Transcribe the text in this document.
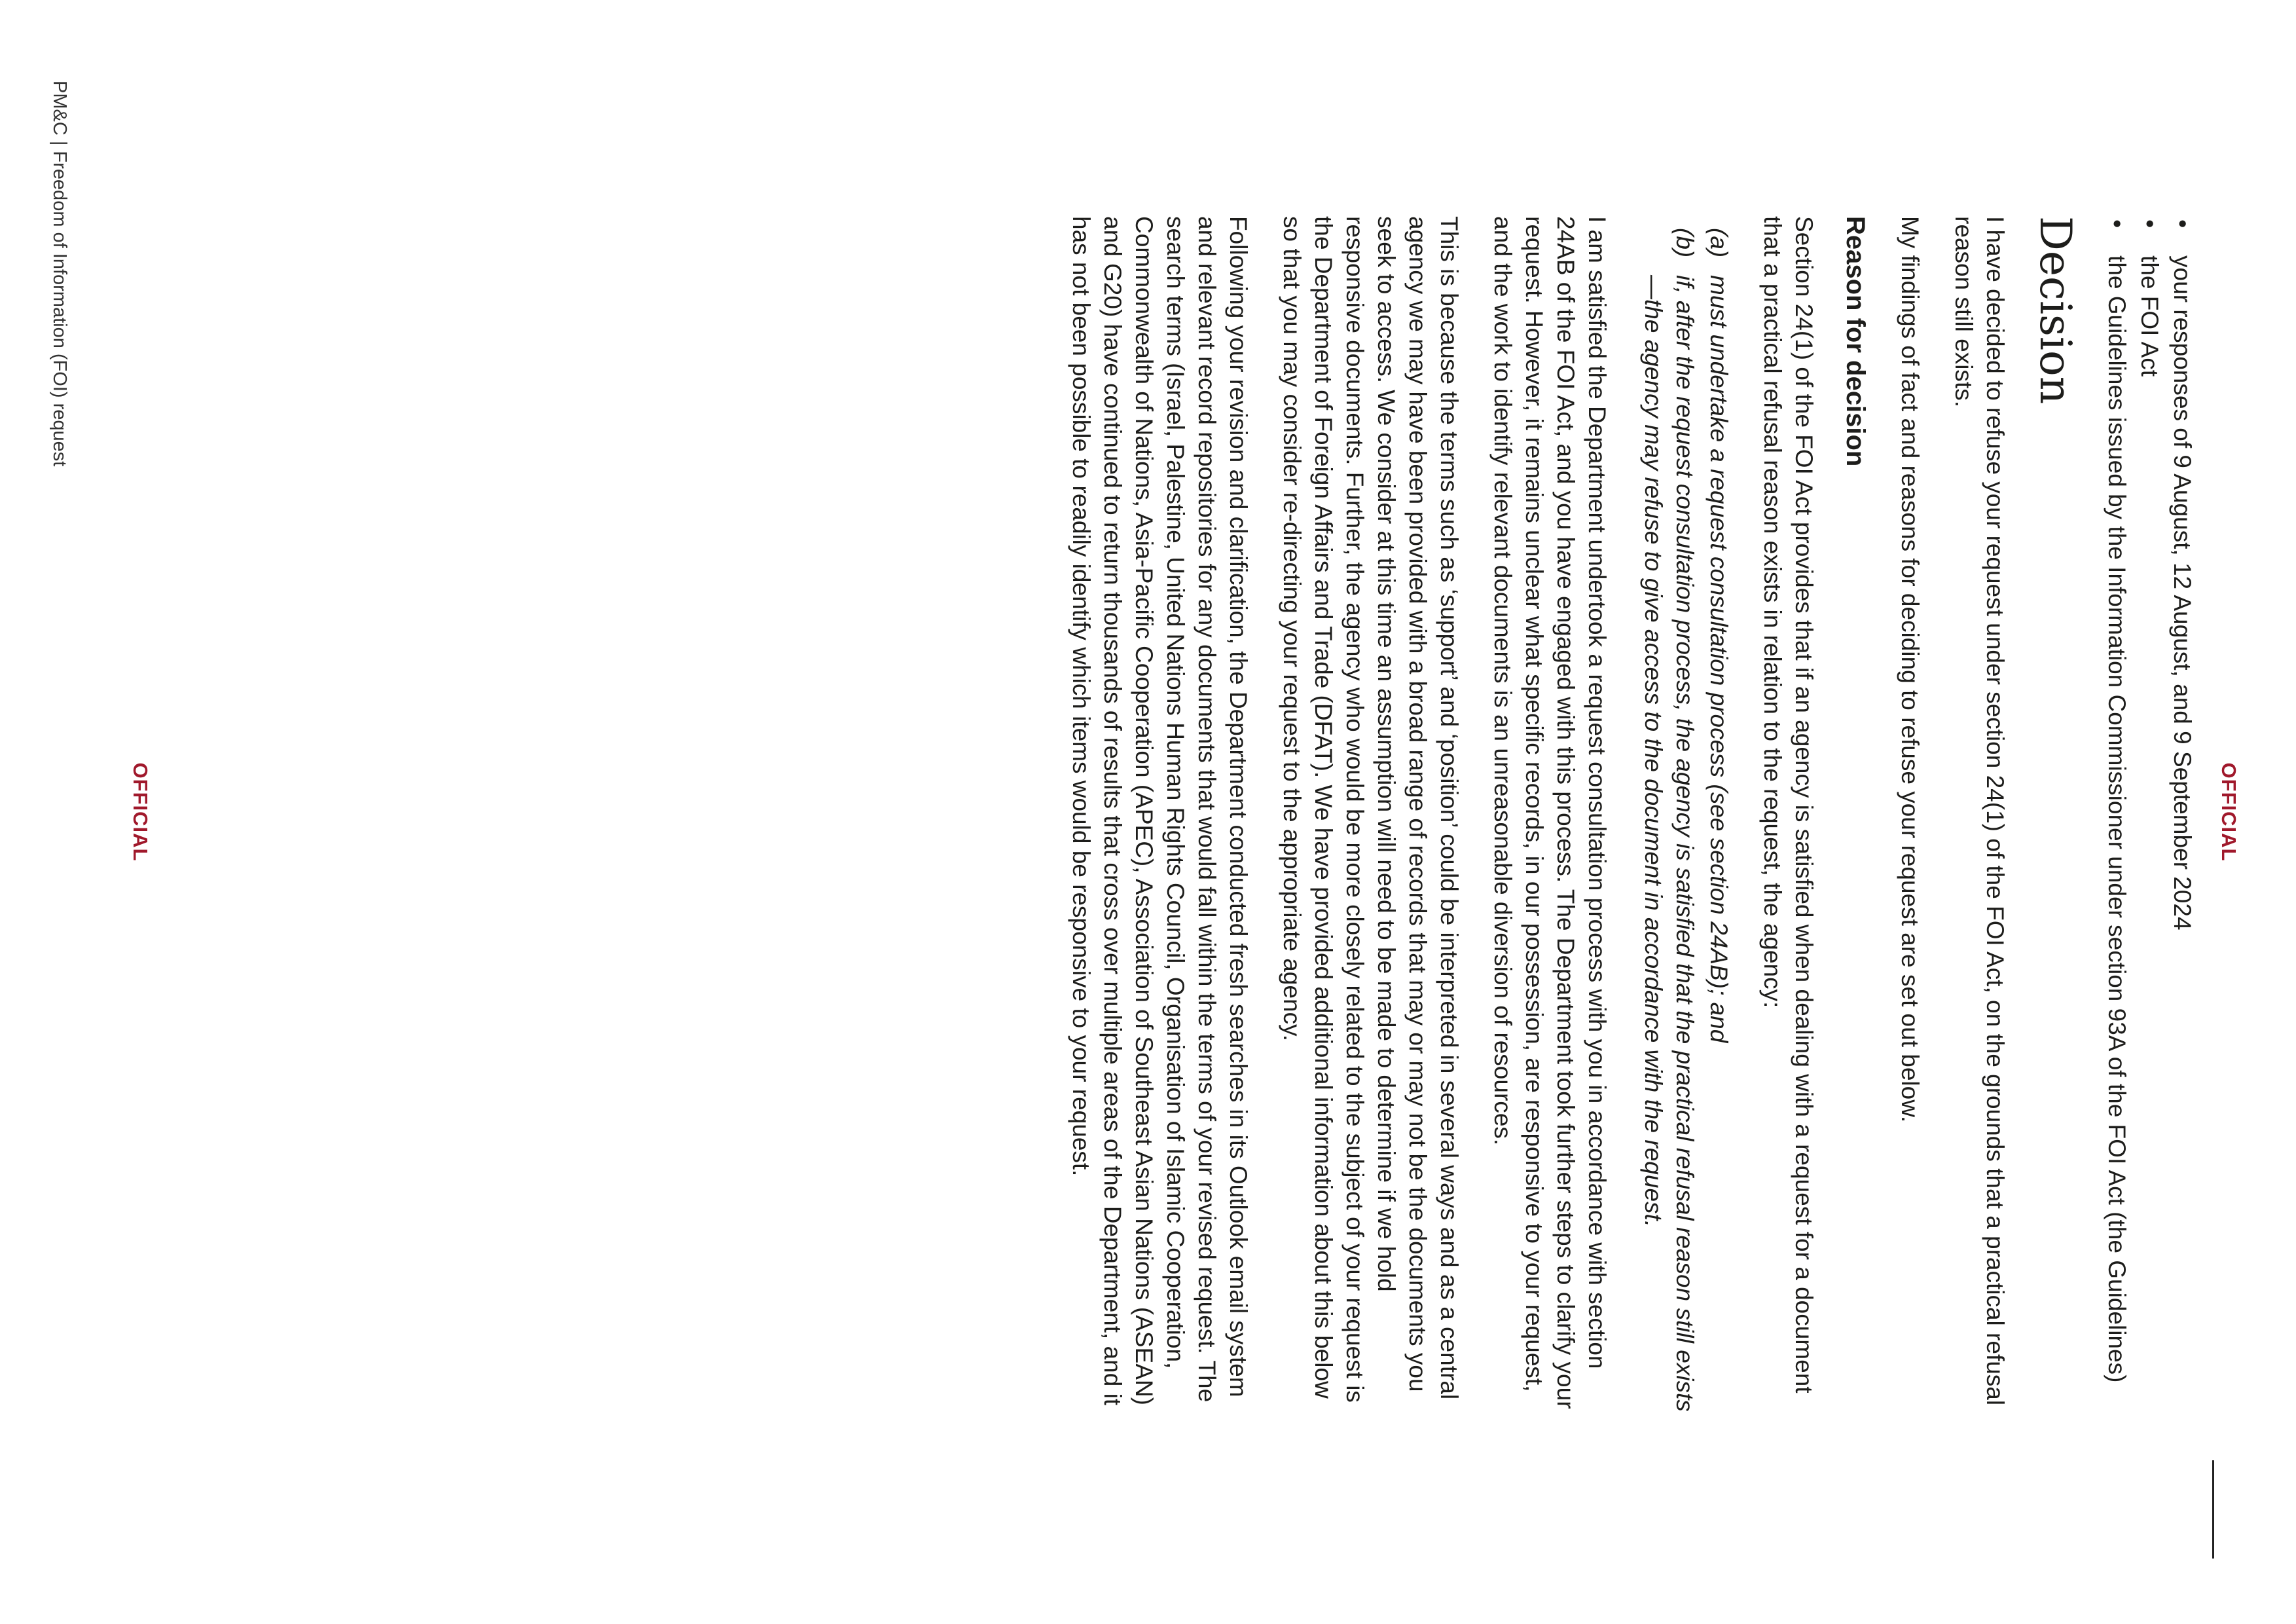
OFFICIAL
•
your responses of 9 August, 12 August, and 9 September 2024
•
the FOI Act
•
the Guidelines issued by the Information Commissioner under section 93A of the FOI Act (the Guidelines)
Decision

I have decided to refuse your request under section 24(1) of the FOI Act, on the grounds that a practical refusal reason still exists.

My findings of fact and reasons for deciding to refuse your request are set out below.

Reason for decision

Section 24(1) of the FOI Act provides that if an agency is satisfied when dealing with a request for a document that a practical refusal reason exists in relation to the request, the agency:

(a)
must undertake a request consultation process (see section 24AB); and
(b)
if, after the request consultation process, the agency is satisfied that the practical refusal reason still exists—the agency may refuse to give access to the document in accordance with the request.

I am satisfied the Department undertook a request consultation process with you in accordance with section 24AB of the FOI Act, and you have engaged with this process. The Department took further steps to clarify your request. However, it remains unclear what specific records, in our possession, are responsive to your request, and the work to identify relevant documents is an unreasonable diversion of resources.

This is because the terms such as ‘support’ and ‘position’ could be interpreted in several ways and as a central agency we may have been provided with a broad range of records that may or may not be the documents you seek to access. We consider at this time an assumption will need to be made to determine if we hold responsive documents. Further, the agency who would be more closely related to the subject of your request is the Department of Foreign Affairs and Trade (DFAT). We have provided additional information about this below so that you may consider re-directing your request to the appropriate agency.

Following your revision and clarification, the Department conducted fresh searches in its Outlook email system and relevant record repositories for any documents that would fall within the terms of your revised request. The search terms (Israel, Palestine, United Nations Human Rights Council, Organisation of Islamic Cooperation, Commonwealth of Nations, Asia-Pacific Cooperation (APEC), Association of Southeast Asian Nations (ASEAN) and G20) have continued to return thousands of results that cross over multiple areas of the Department, and it has not been possible to readily identify which items would be responsive to your request.

OFFICIAL
PM&C | Freedom of Information (FOI) request
